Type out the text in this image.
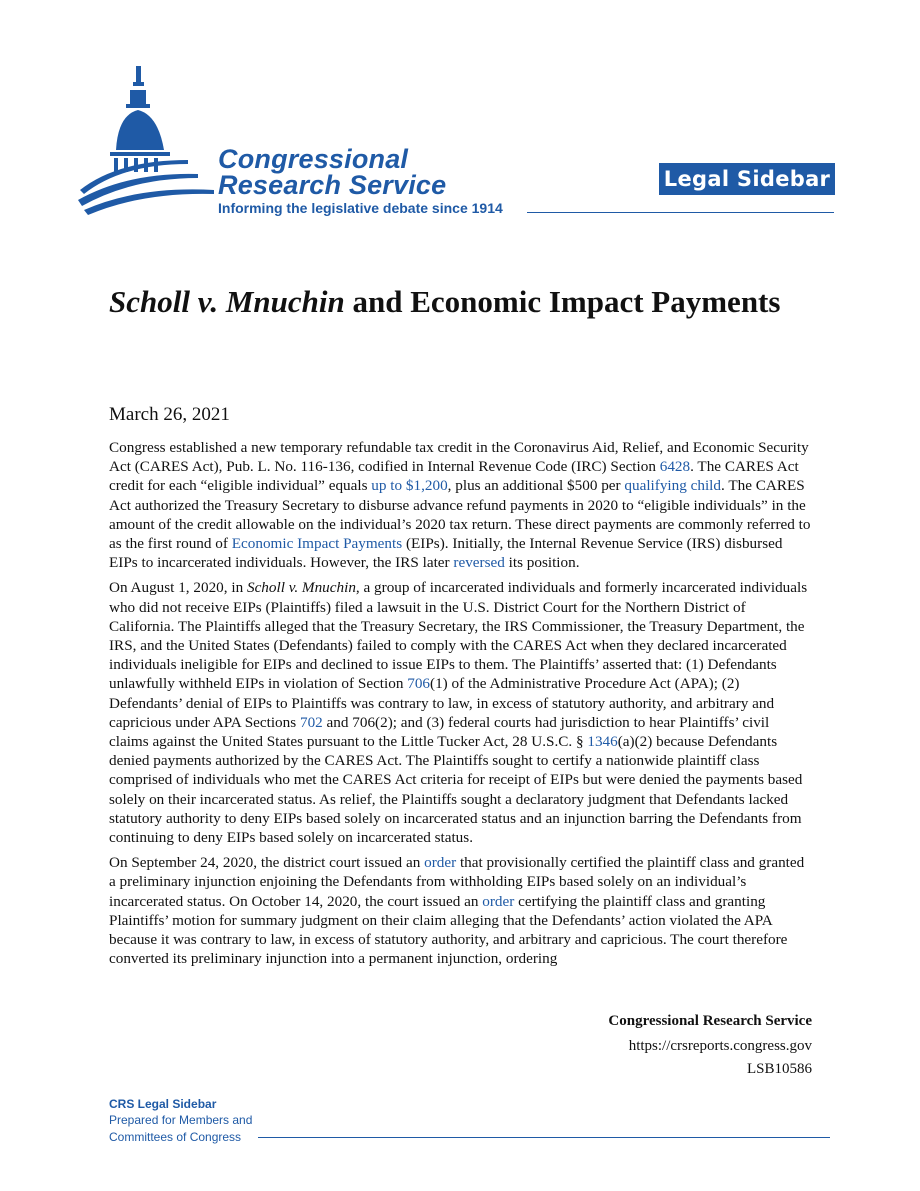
Congressional
Research Service
Informing the legislative debate since 1914
Legal Sidebar
Scholl v. Mnuchin and Economic Impact Payments
March 26, 2021

Congress established a new temporary refundable tax credit in the Coronavirus Aid, Relief, and Economic Security Act (CARES Act), Pub. L. No. 116-136, codified in Internal Revenue Code (IRC) Section 6428. The CARES Act credit for each “eligible individual” equals up to $1,200, plus an additional $500 per qualifying child. The CARES Act authorized the Treasury Secretary to disburse advance refund payments in 2020 to “eligible individuals” in the amount of the credit allowable on the individual’s 2020 tax return. These direct payments are commonly referred to as the first round of Economic Impact Payments (EIPs). Initially, the Internal Revenue Service (IRS) disbursed EIPs to incarcerated individuals. However, the IRS later reversed its position.

On August 1, 2020, in Scholl v. Mnuchin, a group of incarcerated individuals and formerly incarcerated individuals who did not receive EIPs (Plaintiffs) filed a lawsuit in the U.S. District Court for the Northern District of California. The Plaintiffs alleged that the Treasury Secretary, the IRS Commissioner, the Treasury Department, the IRS, and the United States (Defendants) failed to comply with the CARES Act when they declared incarcerated individuals ineligible for EIPs and declined to issue EIPs to them. The Plaintiffs’ asserted that: (1) Defendants unlawfully withheld EIPs in violation of Section 706(1) of the Administrative Procedure Act (APA); (2) Defendants’ denial of EIPs to Plaintiffs was contrary to law, in excess of statutory authority, and arbitrary and capricious under APA Sections 702 and 706(2); and (3) federal courts had jurisdiction to hear Plaintiffs’ civil claims against the United States pursuant to the Little Tucker Act, 28 U.S.C. § 1346(a)(2) because Defendants denied payments authorized by the CARES Act. The Plaintiffs sought to certify a nationwide plaintiff class comprised of individuals who met the CARES Act criteria for receipt of EIPs but were denied the payments based solely on their incarcerated status. As relief, the Plaintiffs sought a declaratory judgment that Defendants lacked statutory authority to deny EIPs based solely on incarcerated status and an injunction barring the Defendants from continuing to deny EIPs based solely on incarcerated status.

On September 24, 2020, the district court issued an order that provisionally certified the plaintiff class and granted a preliminary injunction enjoining the Defendants from withholding EIPs based solely on an individual’s incarcerated status. On October 14, 2020, the court issued an order certifying the plaintiff class and granting Plaintiffs’ motion for summary judgment on their claim alleging that the Defendants’ action violated the APA because it was contrary to law, in excess of statutory authority, and arbitrary and capricious. The court therefore converted its preliminary injunction into a permanent injunction, ordering

Congressional Research Service
https://crsreports.congress.gov
LSB10586
CRS Legal Sidebar
Prepared for Members and
Committees of Congress
